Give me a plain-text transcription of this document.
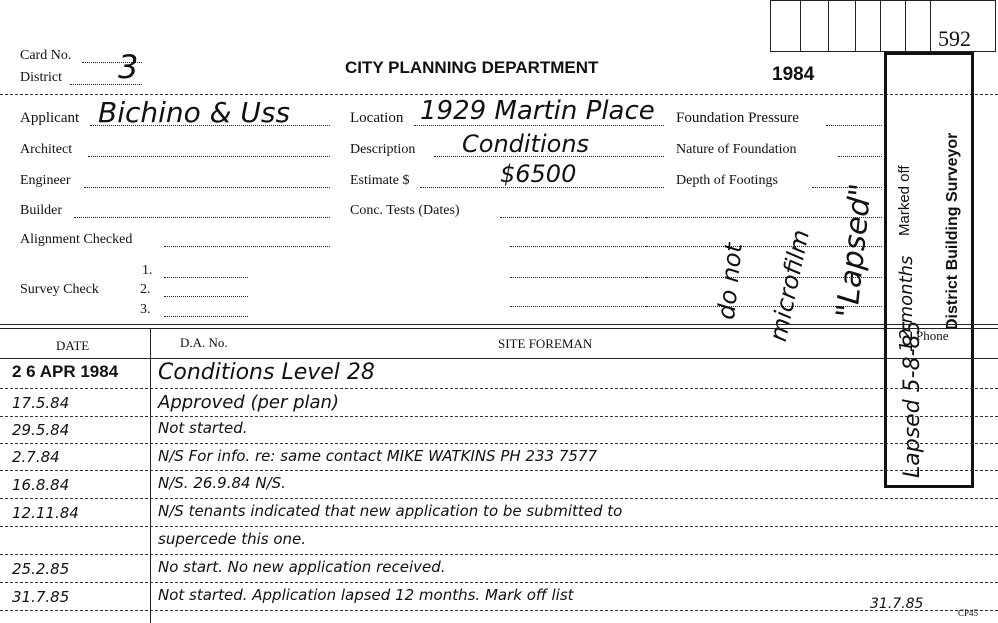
592
Card No.
District 3	CITY PLANNING DEPARTMENT	1984
Applicant Bichino & Uss
Architect
Engineer
Builder
Alignment Checked
1.
Survey Check	2.
3.
Location 1929 Martin Place
Description Conditions
Estimate $	$6500
Conc. Tests (Dates)
Foundation Pressure
Nature of Foundation
Depth of Footings
do not microfilm "Lapsed"	District Building Surveyor
Marked off
12 months
Lapsed 5-8-85
DATE	D.A. No.	SITE FOREMAN
Phone
2 6 APR 1984 Conditions Level 28
17.5.84	Approved (per plan)
29.5.84	Not started.
2.7.84	N/S For info. re: same contact MIKE WATKINS PH 233 7577
16.8.84	N/S. 26.9.84 N/S.
12.11.84	N/S tenants indicated that new application to be submitted to
supercede this one.
25.2.85	No start. No new application received.
31.7.85	Not started. Application lapsed 12 months. Mark off list	31.7.85
CP45
